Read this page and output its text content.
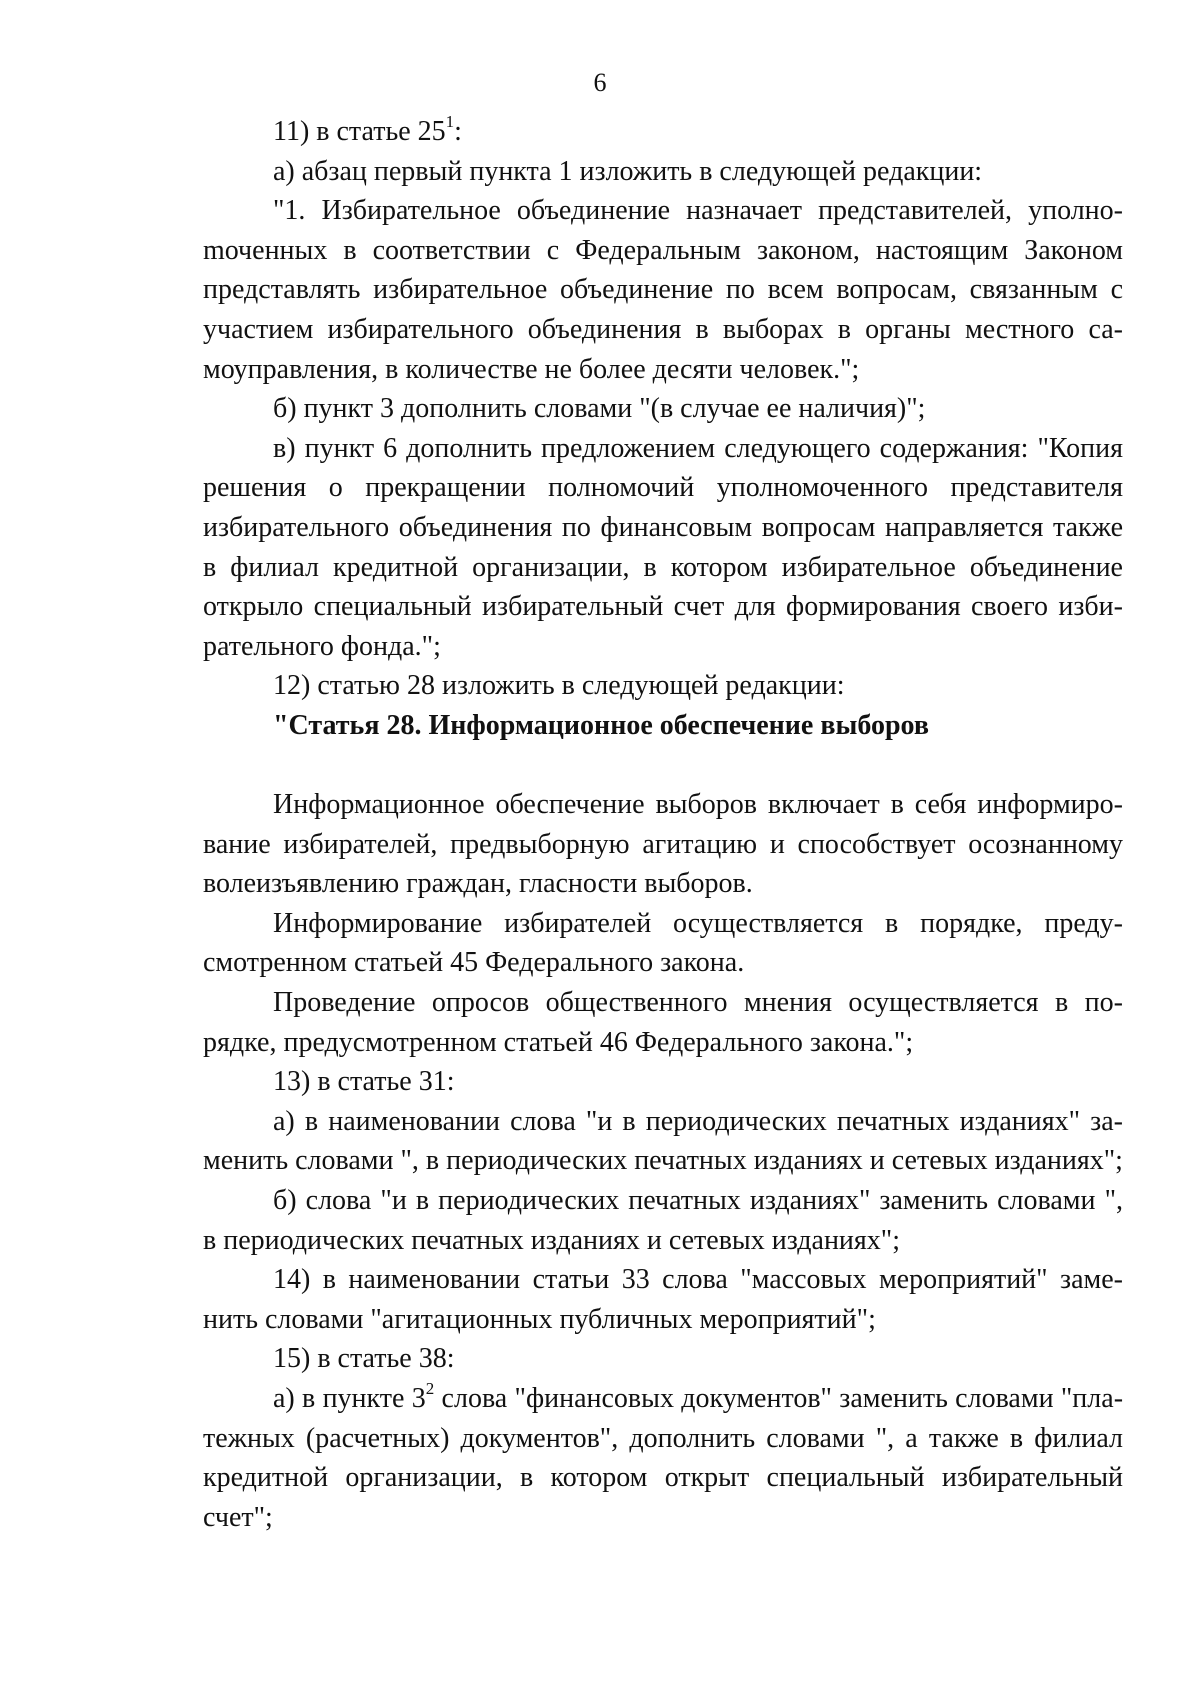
6

11) в статье $25^1$:

а) абзац первый пункта 1 изложить в следующей редакции:

"1. Избирательное объединение назначает представителей, уполноmоченных в соответствии с Федеральным законом, настоящим Законом представлять избирательное объединение по всем вопросам, связанным с участием избирательного объединения в выборах в органы местного самоуправления, в количестве не более десяти человек.";

б) пункт 3 дополнить словами "(в случае ее наличия)";

в) пункт 6 дополнить предложением следующего содержания: "Копия решения о прекращении полномочий уполномоченного представителя избирательного объединения по финансовым вопросам направляется также в филиал кредитной организации, в котором избирательное объединение открыло специальный избирательный счет для формирования своего избирательного фонда.";

12) статью 28 изложить в следующей редакции:

"Статья 28. Информационное обеспечение выборов

Информационное обеспечение выборов включает в себя информирование избирателей, предвыборную агитацию и способствует осознанному волеизъявлению граждан, гласности выборов.

Информирование избирателей осуществляется в порядке, предусмотренном статьей 45 Федерального закона.

Проведение опросов общественного мнения осуществляется в порядке, предусмотренном статьей 46 Федерального закона.";

13) в статье 31:

а) в наименовании слова "и в периодических печатных изданиях" заменить словами ", в периодических печатных изданиях и сетевых изданиях";

б) слова "и в периодических печатных изданиях" заменить словами ", в периодических печатных изданиях и сетевых изданиях";

14) в наименовании статьи 33 слова "массовых мероприятий" заменить словами "агитационных публичных мероприятий";

15) в статье 38:

а) в пункте $3^2$ слова "финансовых документов" заменить словами "платежных (расчетных) документов", дополнить словами ", а также в филиал кредитной организации, в котором открыт специальный избирательный счет";
